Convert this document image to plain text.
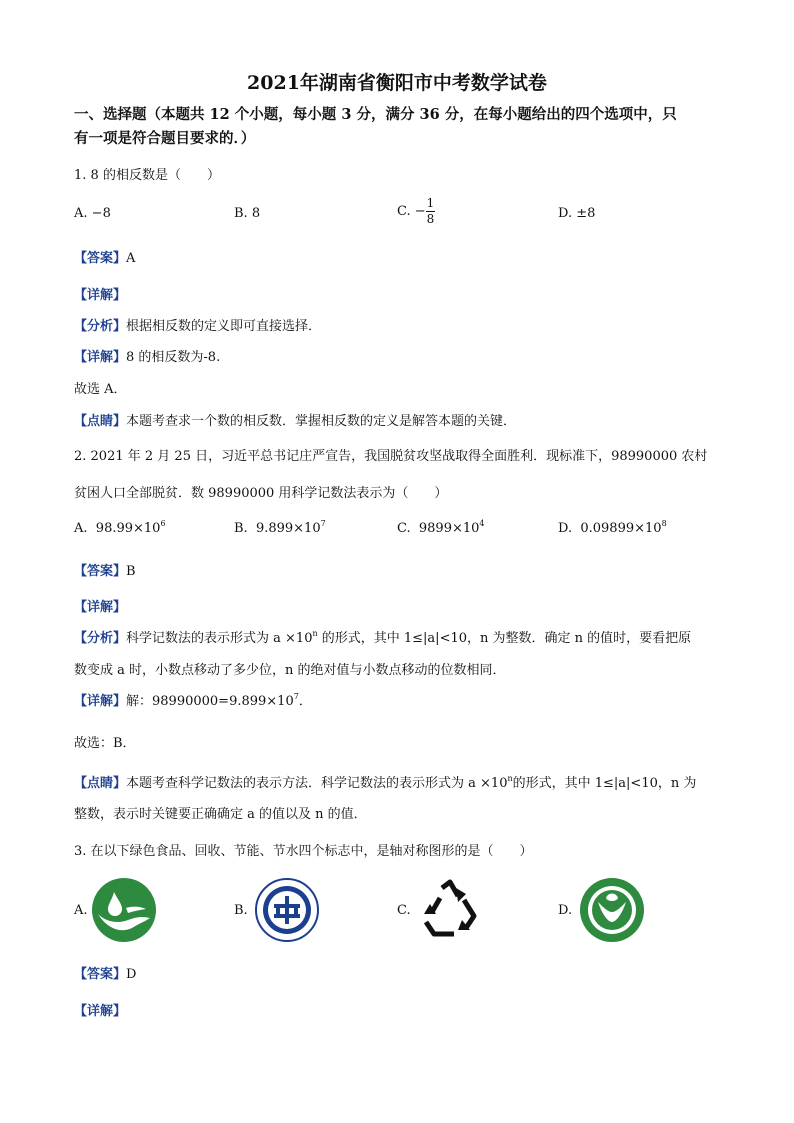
2021年湖南省衡阳市中考数学试卷
一、选择题（本题共 12 个小题，每小题 3 分，满分 36 分，在每小题给出的四个选项中，只
有一项是符合题目要求的．）
1. 8 的相反数是（　　）
A. −8	B. 8	C. − $\frac{1}{8}$	D. ±8
【答案】A
【详解】
【分析】根据相反数的定义即可直接选择．
【详解】8 的相反数为-8.
故选 A．
【点睛】本题考查求一个数的相反数．掌握相反数的定义是解答本题的关键．
2. 2021 年 2 月 25 日，习近平总书记庄严宣告，我国脱贫攻坚战取得全面胜利．现标准下，98990000 农村
贫困人口全部脱贫．数 98990000 用科学记数法表示为（　　）
A. $98.99\times 10^6$	B. $9.899\times 10^7$	C. $9899\times 10^4$	D. $0.09899\times 10^8$
【答案】B
【详解】
【分析】科学记数法的表示形式为 $a \times 10^n$ 的形式，其中 1≤|a|<10，n 为整数．确定 n 的值时，要看把原
数变成 a 时，小数点移动了多少位，n 的绝对值与小数点移动的位数相同．
【详解】解：$98990000=9.899\times 10^7$．
故选：B．
【点睛】本题考查科学记数法的表示方法．科学记数法的表示形式为 $a \times 10^n$的形式，其中 1≤|a|<10，n 为
整数，表示时关键要正确确定 a 的值以及 n 的值．
3. 在以下绿色食品、回收、节能、节水四个标志中，是轴对称图形的是（　　）
A.	B.	C.	D.
【答案】D
【详解】
